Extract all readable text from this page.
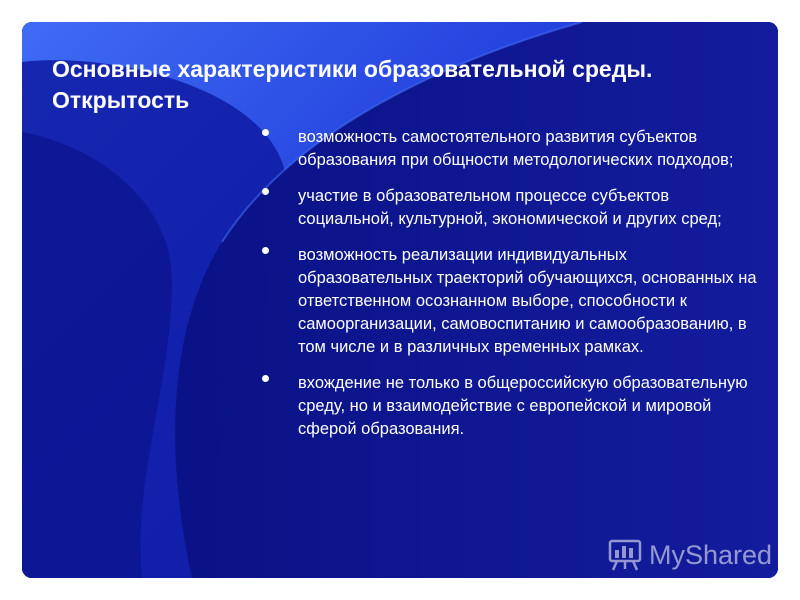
Основные характеристики образовательной среды.
Открытость
возможность самостоятельного развития субъектов образования при общности методологических подходов;
участие в образовательном процессе субъектов социальной, культурной, экономической и других сред;
возможность реализации индивидуальных образовательных траекторий обучающихся, основанных на ответственном осознанном выборе, способности к самоорганизации, самовоспитанию и самообразованию, в том числе и в различных временных рамках.
вхождение не только в общероссийскую образовательную среду, но и взаимодействие с европейской и мировой сферой образования.
MyShared
